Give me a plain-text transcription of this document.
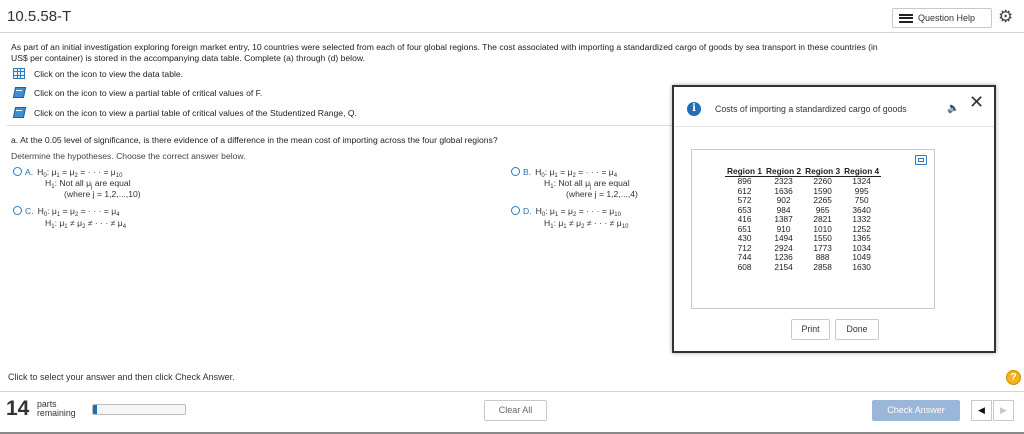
10.5.58-T	Question Help ⚙
As part of an initial investigation exploring foreign market entry, 10 countries were selected from each of four global regions. The cost associated with importing a standardized cargo of goods by sea transport in these countries (in
US$ per container) is stored in the accompanying data table. Complete (a) through (d) below.
Click on the icon to view the data table.
Click on the icon to view a partial table of critical values of F.
Click on the icon to view a partial table of critical values of the Studentized Range, Q.
a. At the 0.05 level of significance, is there evidence of a difference in the mean cost of importing across the four global regions?
Determine the hypotheses. Choose the correct answer below.
A. $H_0$: $\mu_1 = \mu_2$ = · · · = $\mu_{10}$
$H_1$: Not all $\mu_j$ are equal
(where j = 1,2,...,10)
B. $H_0$: $\mu_1 = \mu_2$ = · · · = $\mu_4$
$H_1$: Not all $\mu_j$ are equal
(where j = 1,2,...,4)
C. $H_0$: $\mu_1 = \mu_2$ = · · · = $\mu_4$
$H_1$: $\mu_1 \ne \mu_2$ ≠ · · · ≠ $\mu_4$
D. $H_0$: $\mu_1 = \mu_2$ = · · · = $\mu_{10}$
$H_1$: $\mu_1 \ne \mu_2$ ≠ · · · ≠ $\mu_{10}$
i	Costs of importing a standardized cargo of goods	🔈 ✕
Region 1	Region 2	Region 3	Region 4
896	2323	2260	1324
612	1636	1590	995
572	902	2265	750
653	984	965	3640
416	1387	2821	1332
651	910	1010	1252
430	1494	1550	1365
712	2924	1773	1034
744	1236	888	1049
608	2154	2858	1630
Print	Done
Click to select your answer and then click Check Answer.	?
14 parts
remaining	Clear All	Check Answer	◀	▶
